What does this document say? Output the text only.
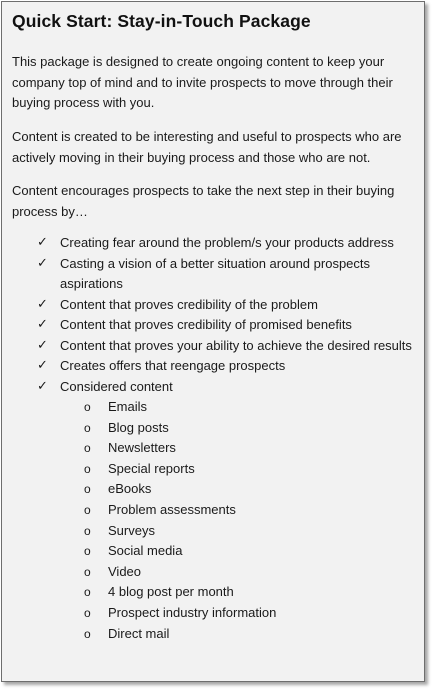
Quick Start: Stay-in-Touch Package
This package is designed to create ongoing content to keep your company top of mind and to invite prospects to move through their buying process with you.
Content is created to be interesting and useful to prospects who are actively moving in their buying process and those who are not.
Content encourages prospects to take the next step in their buying process by…
✓ Creating fear around the problem/s your products address
✓ Casting a vision of a better situation around prospects aspirations
✓ Content that proves credibility of the problem
✓ Content that proves credibility of promised benefits
✓ Content that proves your ability to achieve the desired results
✓ Creates offers that reengage prospects
✓ Considered content
o Emails
o Blog posts
o Newsletters
o Special reports
o eBooks
o Problem assessments
o Surveys
o Social media
o Video
o 4 blog post per month
o Prospect industry information
o Direct mail
